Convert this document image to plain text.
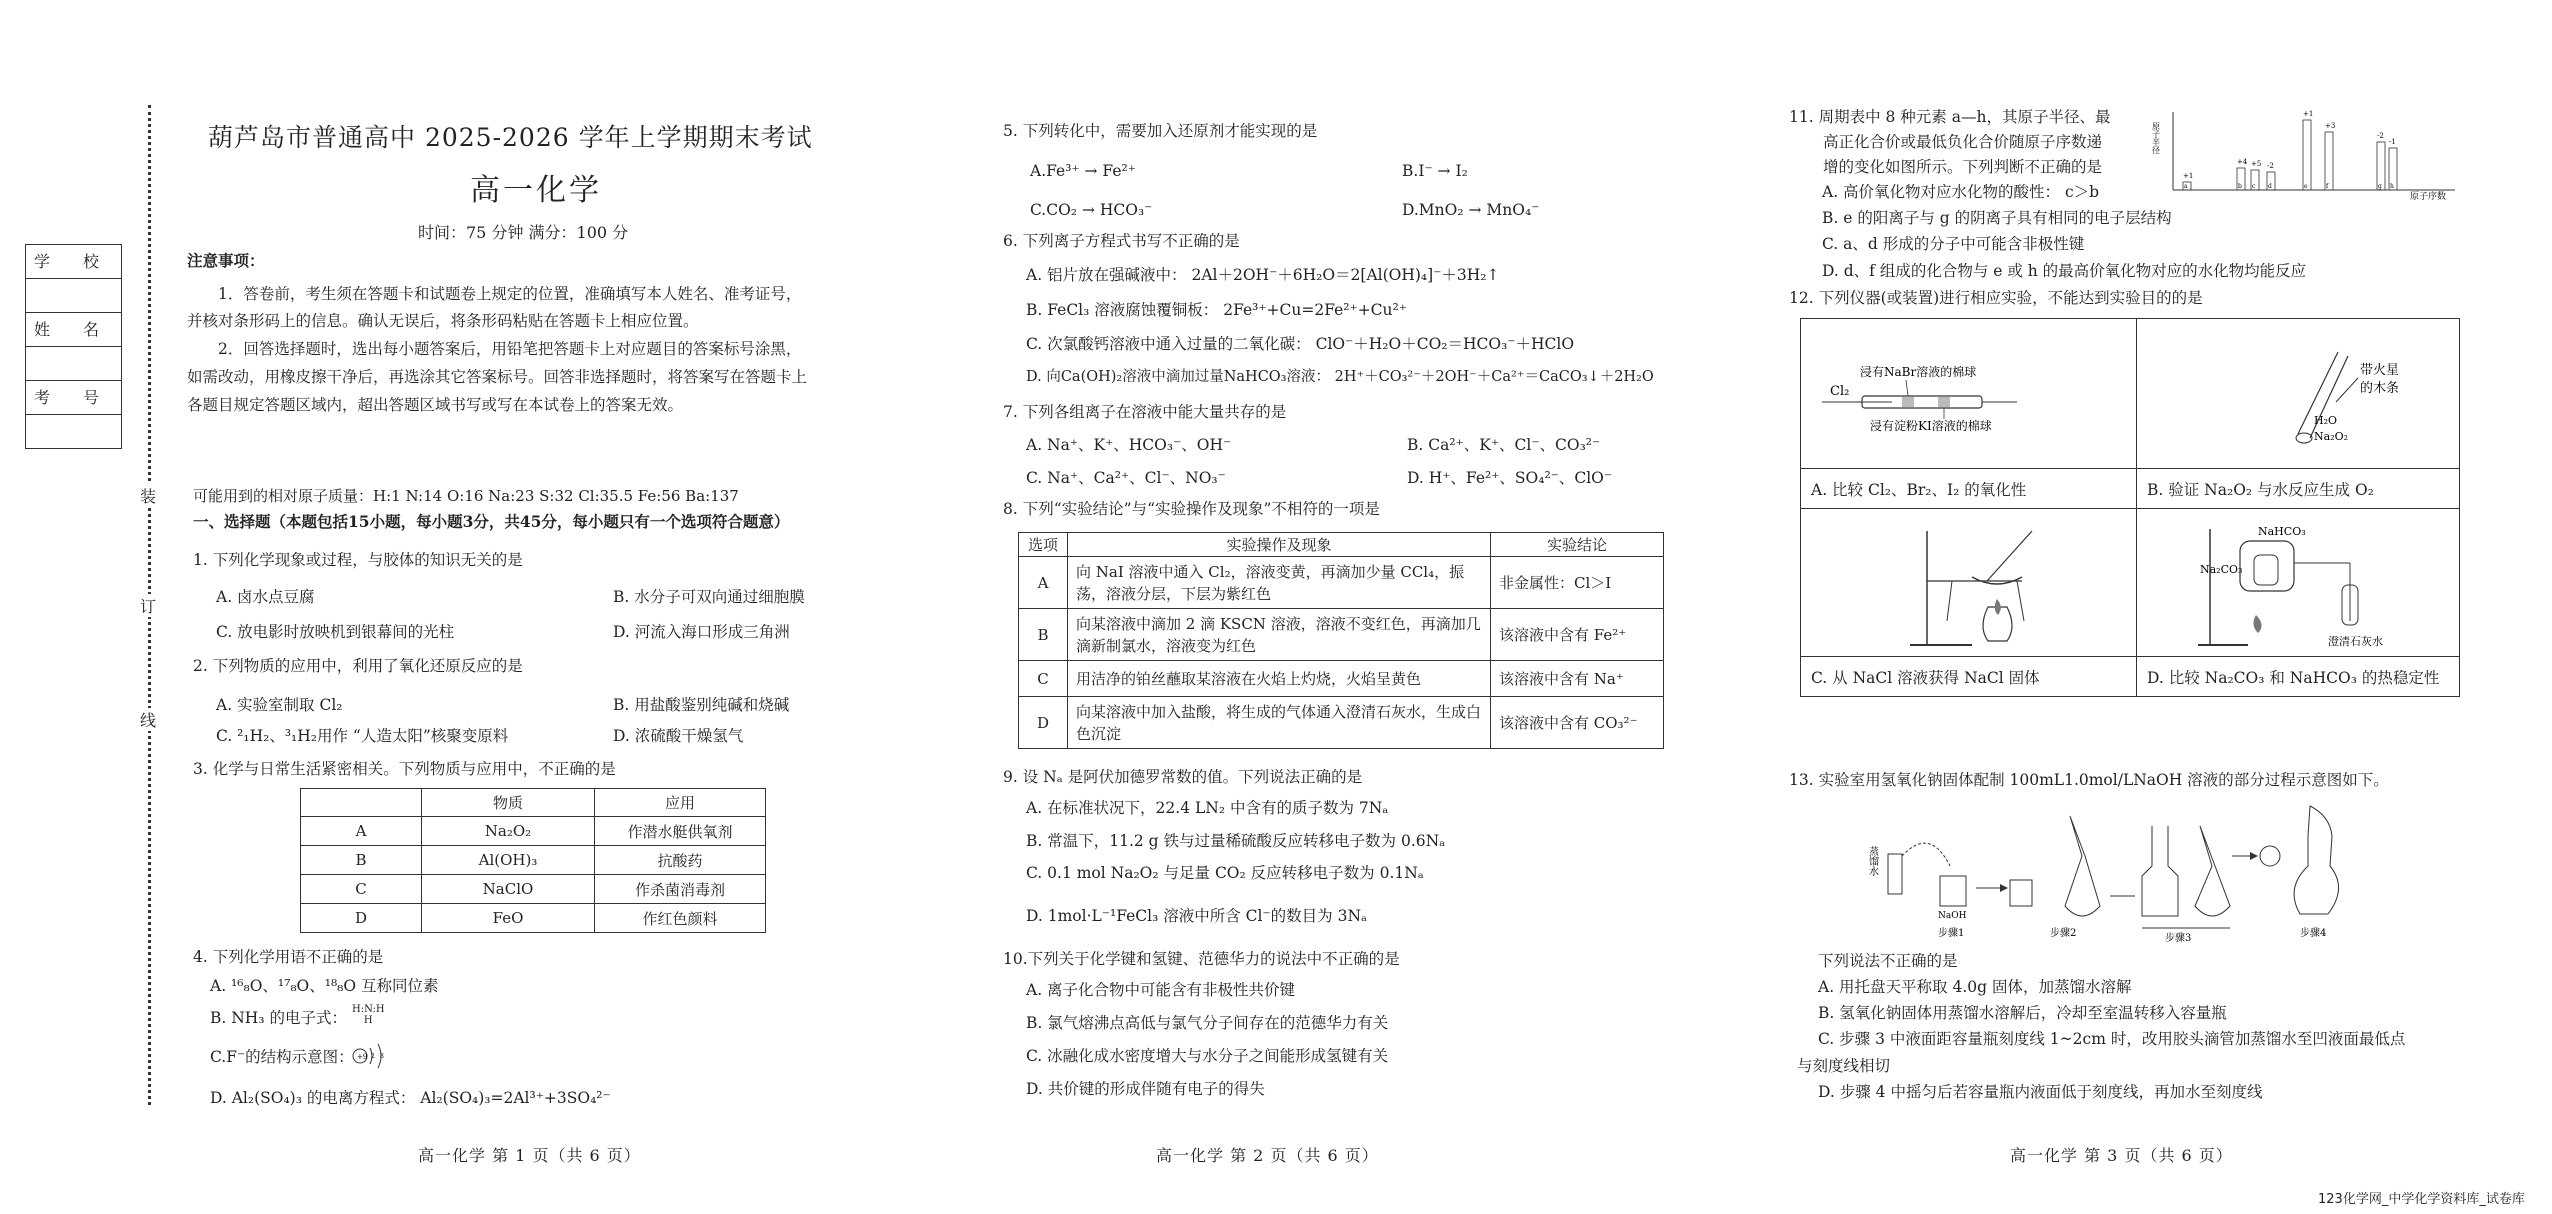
学 校
姓 名
考 号
装
订
线
葫芦岛市普通高中 2025-2026 学年上学期期末考试
高一化学
时间：75 分钟 满分：100 分
注意事项：
1．答卷前，考生须在答题卡和试题卷上规定的位置，准确填写本人姓名、准考证号，
并核对条形码上的信息。确认无误后，将条形码粘贴在答题卡上相应位置。
2．回答选择题时，选出每小题答案后，用铅笔把答题卡上对应题目的答案标号涂黑，
如需改动，用橡皮擦干净后，再选涂其它答案标号。回答非选择题时，将答案写在答题卡上
各题目规定答题区域内，超出答题区域书写或写在本试卷上的答案无效。
可能用到的相对原子质量：H:1 N:14 O:16 Na:23 S:32 Cl:35.5 Fe:56 Ba:137
一、选择题（本题包括15小题，每小题3分，共45分，每小题只有一个选项符合题意）
1. 下列化学现象或过程，与胶体的知识无关的是
A. 卤水点豆腐	B. 水分子可双向通过细胞膜
C. 放电影时放映机到银幕间的光柱	D. 河流入海口形成三角洲
2. 下列物质的应用中，利用了氧化还原反应的是
A. 实验室制取 Cl₂	B. 用盐酸鉴别纯碱和烧碱
C. ²₁H₂、³₁H₂用作 “人造太阳”核聚变原料	D. 浓硫酸干燥氢气
3. 化学与日常生活紧密相关。下列物质与应用中，不正确的是
	物质	应用
A	Na₂O₂	作潜水艇供氧剂
B	Al(OH)₃	抗酸药
C	NaClO	作杀菌消毒剂
D	FeO	作红色颜料
4. 下列化学用语不正确的是
A. ¹⁶₈O、¹⁷₈O、¹⁸₈O 互称同位素
B. NH₃ 的电子式： H:N:H
H
C.F⁻的结构示意图： +9 2 8
D. Al₂(SO₄)₃ 的电离方程式： Al₂(SO₄)₃=2Al³⁺+3SO₄²⁻
高一化学 第 1 页（共 6 页）
5. 下列转化中，需要加入还原剂才能实现的是
A.Fe³⁺ → Fe²⁺	B.I⁻ → I₂
C.CO₂ → HCO₃⁻	D.MnO₂ → MnO₄⁻
6. 下列离子方程式书写不正确的是
A. 铝片放在强碱液中： 2Al＋2OH⁻＋6H₂O＝2[Al(OH)₄]⁻＋3H₂↑
B. FeCl₃ 溶液腐蚀覆铜板： 2Fe³⁺+Cu=2Fe²⁺+Cu²⁺
C. 次氯酸钙溶液中通入过量的二氧化碳： ClO⁻＋H₂O＋CO₂＝HCO₃⁻＋HClO
D. 向Ca(OH)₂溶液中滴加过量NaHCO₃溶液： 2H⁺＋CO₃²⁻＋2OH⁻＋Ca²⁺＝CaCO₃↓＋2H₂O
7. 下列各组离子在溶液中能大量共存的是
A. Na⁺、K⁺、HCO₃⁻、OH⁻	B. Ca²⁺、K⁺、Cl⁻、CO₃²⁻
C. Na⁺、Ca²⁺、Cl⁻、NO₃⁻	D. H⁺、Fe²⁺、SO₄²⁻、ClO⁻
8. 下列“实验结论”与“实验操作及现象”不相符的一项是
选项	实验操作及现象	实验结论
A	向 NaI 溶液中通入 Cl₂，溶液变黄，再滴加少量 CCl₄，振荡，溶液分层，下层为紫红色	非金属性：Cl＞I
B	向某溶液中滴加 2 滴 KSCN 溶液，溶液不变红色，再滴加几滴新制氯水，溶液变为红色	该溶液中含有 Fe²⁺
C	用洁净的铂丝蘸取某溶液在火焰上灼烧，火焰呈黄色	该溶液中含有 Na⁺
D	向某溶液中加入盐酸，将生成的气体通入澄清石灰水，生成白色沉淀	该溶液中含有 CO₃²⁻
9. 设 Nₐ 是阿伏加德罗常数的值。下列说法正确的是
A. 在标准状况下，22.4 LN₂ 中含有的质子数为 7Nₐ
B. 常温下，11.2 g 铁与过量稀硫酸反应转移电子数为 0.6Nₐ
C. 0.1 mol Na₂O₂ 与足量 CO₂ 反应转移电子数为 0.1Nₐ
D. 1mol·L⁻¹FeCl₃ 溶液中所含 Cl⁻的数目为 3Nₐ
10.下列关于化学键和氢键、范德华力的说法中不正确的是
A. 离子化合物中可能含有非极性共价键
B. 氯气熔沸点高低与氯气分子间存在的范德华力有关
C. 冰融化成水密度增大与水分子之间能形成氢键有关
D. 共价键的形成伴随有电子的得失
高一化学 第 2 页（共 6 页）
11. 周期表中 8 种元素 a—h，其原子半径、最
高正化合价或最低负化合价随原子序数递
增的变化如图所示。下列判断不正确的是
原子半径
原子序数
+1
a
+4
b
+5
c
-2
d
+1
e
+3
f
-2
g
-1
h
A. 高价氧化物对应水化物的酸性： c＞b
B. e 的阳离子与 g 的阴离子具有相同的电子层结构
C. a、d 形成的分子中可能含非极性键
D. d、f 组成的化合物与 e 或 h 的最高价氧化物对应的水化物均能反应
12. 下列仪器(或装置)进行相应实验，不能达到实验目的的是
浸有NaBr溶液的棉球
Cl₂
浸有淀粉KI溶液的棉球	带火星
的木条
H₂O
Na₂O₂

A. 比较 Cl₂、Br₂、I₂ 的氧化性	B. 验证 Na₂O₂ 与水反应生成 O₂

NaHCO₃
Na₂CO₃
澄清石灰水

C. 从 NaCl 溶液获得 NaCl 固体	D. 比较 Na₂CO₃ 和 NaHCO₃ 的热稳定性
13. 实验室用氢氧化钠固体配制 100mL1.0mol/LNaOH 溶液的部分过程示意图如下。
蒸馏水
NaOH
步骤2
步骤1	步骤3	步骤4
下列说法不正确的是
A. 用托盘天平称取 4.0g 固体，加蒸馏水溶解
B. 氢氧化钠固体用蒸馏水溶解后，冷却至室温转移入容量瓶
C. 步骤 3 中液面距容量瓶刻度线 1~2cm 时，改用胶头滴管加蒸馏水至凹液面最低点
与刻度线相切
D. 步骤 4 中摇匀后若容量瓶内液面低于刻度线，再加水至刻度线
高一化学 第 3 页（共 6 页）
123化学网_中学化学资料库_试卷库
